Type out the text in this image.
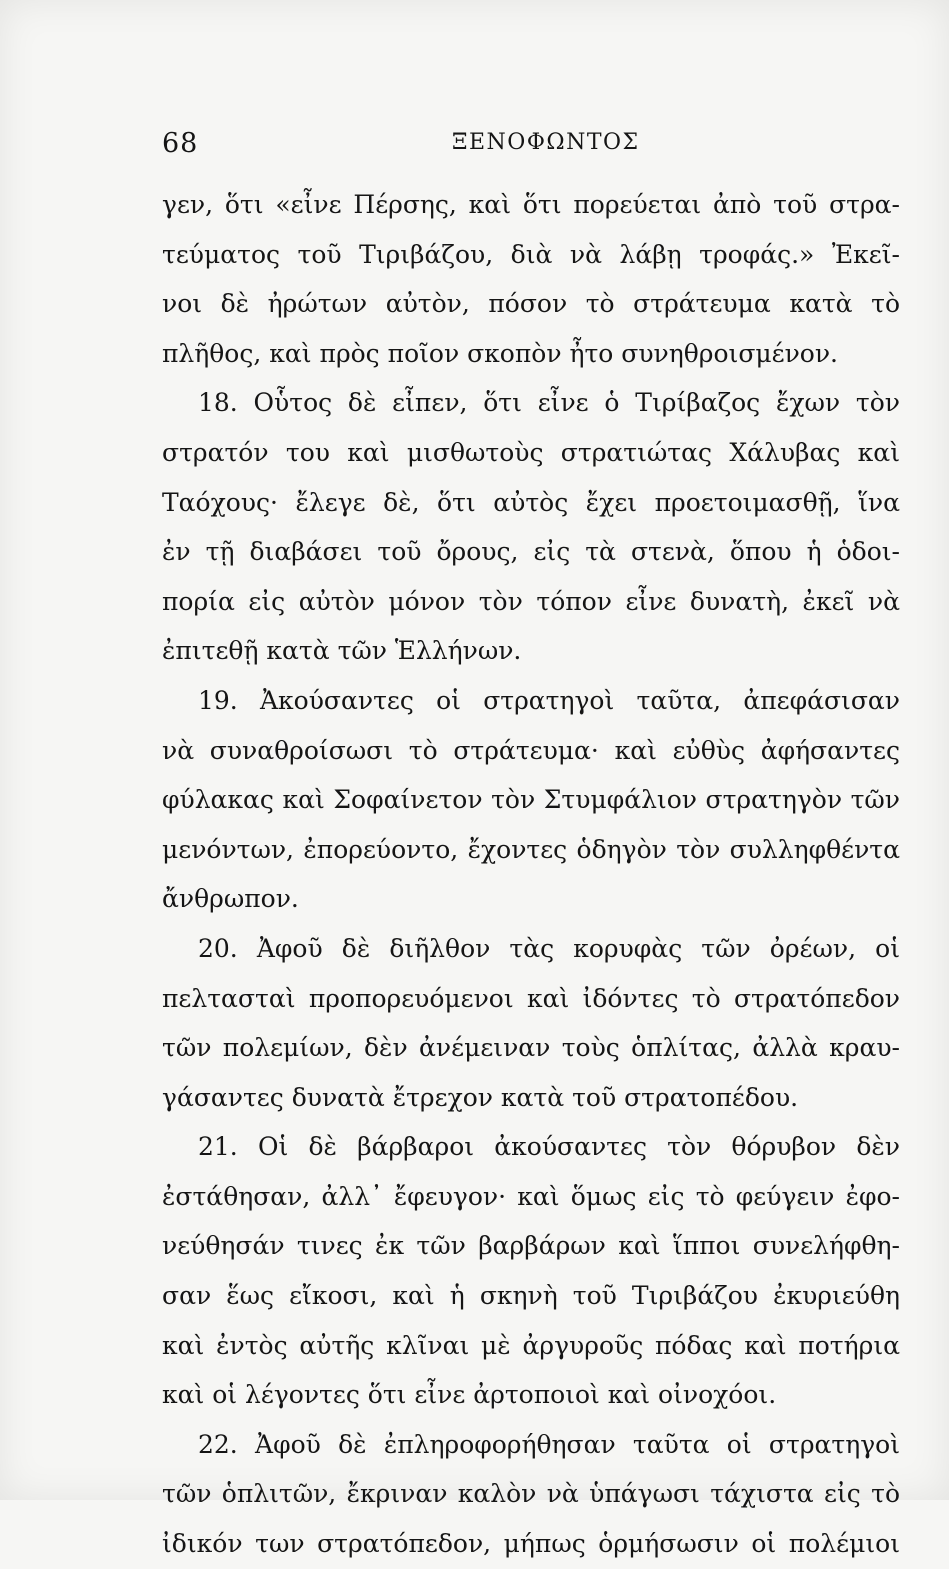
68	ΞΕΝΟΦΩΝΤΟΣ
γεν, ὅτι «εἶνε Πέρσης, καὶ ὅτι πορεύεται ἀπὸ τοῦ στρα-
τεύματος τοῦ Τιριβάζου, διὰ νὰ λάβῃ τροφάς.» Ἐκεῖ-
νοι δὲ ἠρώτων αὐτὸν, πόσον τὸ στράτευμα κατὰ τὸ
πλῆθος, καὶ πρὸς ποῖον σκοπὸν ἦτο συνηθροισμένον.
18. Οὗτος δὲ εἶπεν, ὅτι εἶνε ὁ Τιρίβαζος ἔχων τὸν
στρατόν του καὶ μισθωτοὺς στρατιώτας Χάλυβας καὶ
Ταόχους· ἔλεγε δὲ, ὅτι αὐτὸς ἔχει προετοιμασθῇ, ἵνα
ἐν τῇ διαβάσει τοῦ ὄρους, εἰς τὰ στενὰ, ὅπου ἡ ὁδοι-
πορία εἰς αὐτὸν μόνον τὸν τόπον εἶνε δυνατὴ, ἐκεῖ νὰ
ἐπιτεθῇ κατὰ τῶν Ἑλλήνων.
19. Ἀκούσαντες οἱ στρατηγοὶ ταῦτα, ἀπεφάσισαν
νὰ συναθροίσωσι τὸ στράτευμα· καὶ εὐθὺς ἀφήσαντες
φύλακας καὶ Σοφαίνετον τὸν Στυμφάλιον στρατηγὸν τῶν
μενόντων, ἐπορεύοντο, ἔχοντες ὁδηγὸν τὸν συλληφθέντα
ἄνθρωπον.
20. Ἀφοῦ δὲ διῆλθον τὰς κορυφὰς τῶν ὀρέων, οἱ
πελτασταὶ προπορευόμενοι καὶ ἰδόντες τὸ στρατόπεδον
τῶν πολεμίων, δὲν ἀνέμειναν τοὺς ὁπλίτας, ἀλλὰ κραυ-
γάσαντες δυνατὰ ἔτρεχον κατὰ τοῦ στρατοπέδου.
21. Οἱ δὲ βάρβαροι ἀκούσαντες τὸν θόρυβον δὲν
ἐστάθησαν, ἀλλ᾽ ἔφευγον· καὶ ὅμως εἰς τὸ φεύγειν ἐφο-
νεύθησάν τινες ἐκ τῶν βαρβάρων καὶ ἵπποι συνελήφθη-
σαν ἕως εἴκοσι, καὶ ἡ σκηνὴ τοῦ Τιριβάζου ἐκυριεύθη
καὶ ἐντὸς αὐτῆς κλῖναι μὲ ἀργυροῦς πόδας καὶ ποτήρια
καὶ οἱ λέγοντες ὅτι εἶνε ἀρτοποιοὶ καὶ οἰνοχόοι.
22. Ἀφοῦ δὲ ἐπληροφορήθησαν ταῦτα οἱ στρατηγοὶ
τῶν ὁπλιτῶν, ἔκριναν καλὸν νὰ ὑπάγωσι τάχιστα εἰς τὸ
ἰδικόν των στρατόπεδον, μήπως ὁρμήσωσιν οἱ πολέμιοι
